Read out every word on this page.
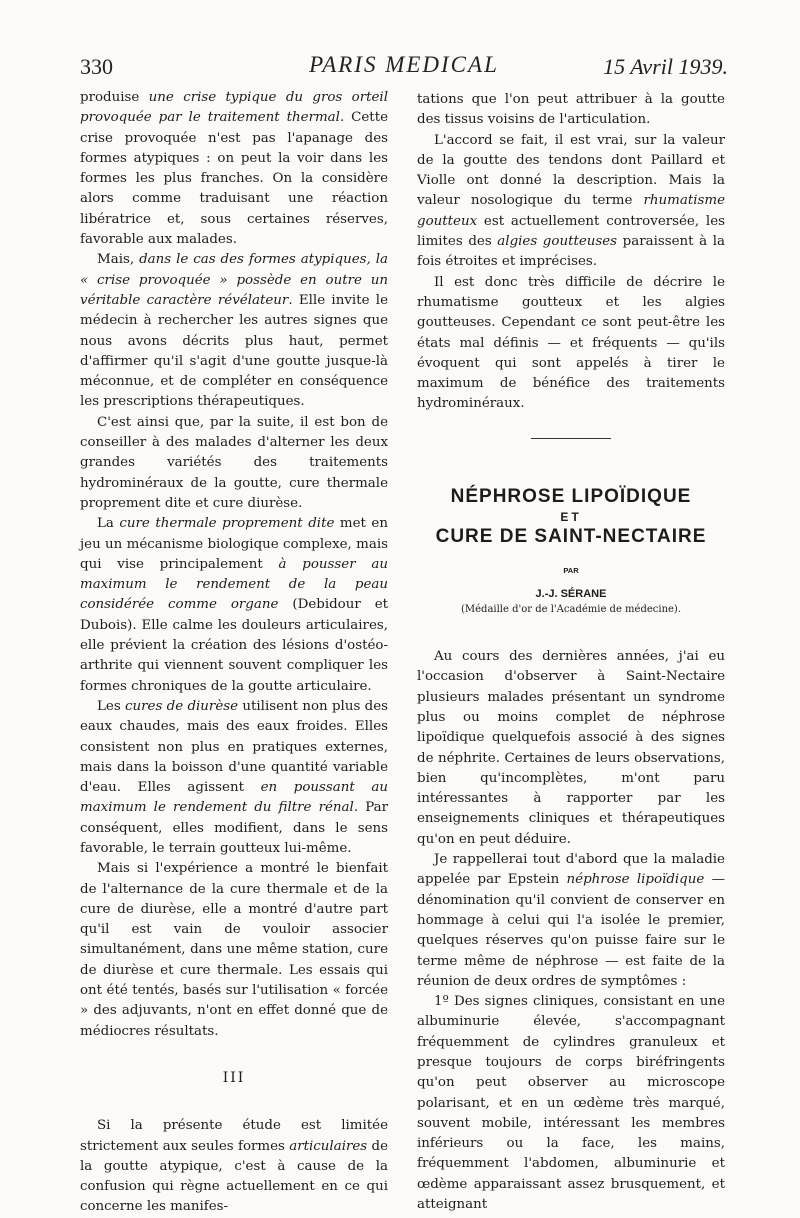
330	PARIS MEDICAL	15 Avril 1939.

produise une crise typique du gros orteil provoquée par le traitement thermal. Cette crise provoquée n'est pas l'apanage des formes atypiques : on peut la voir dans les formes les plus franches. On la considère alors comme traduisant une réaction libératrice et, sous certaines réserves, favorable aux malades.

Mais, dans le cas des formes atypiques, la « crise provoquée » possède en outre un véritable caractère révélateur. Elle invite le médecin à rechercher les autres signes que nous avons décrits plus haut, permet d'affirmer qu'il s'agit d'une goutte jusque-là méconnue, et de compléter en conséquence les prescriptions thérapeutiques.

C'est ainsi que, par la suite, il est bon de conseiller à des malades d'alterner les deux grandes variétés des traitements hydrominéraux de la goutte, cure thermale proprement dite et cure diurèse.

La cure thermale proprement dite met en jeu un mécanisme biologique complexe, mais qui vise principalement à pousser au maximum le rendement de la peau considérée comme organe (Debidour et Dubois). Elle calme les douleurs articulaires, elle prévient la création des lésions d'ostéo-arthrite qui viennent souvent compliquer les formes chroniques de la goutte articulaire.

Les cures de diurèse utilisent non plus des eaux chaudes, mais des eaux froides. Elles consistent non plus en pratiques externes, mais dans la boisson d'une quantité variable d'eau. Elles agissent en poussant au maximum le rendement du filtre rénal. Par conséquent, elles modifient, dans le sens favorable, le terrain goutteux lui-même.

Mais si l'expérience a montré le bienfait de l'alternance de la cure thermale et de la cure de diurèse, elle a montré d'autre part qu'il est vain de vouloir associer simultanément, dans une même station, cure de diurèse et cure thermale. Les essais qui ont été tentés, basés sur l'utilisation « forcée » des adjuvants, n'ont en effet donné que de médiocres résultats.

III

Si la présente étude est limitée strictement aux seules formes articulaires de la goutte atypique, c'est à cause de la confusion qui règne actuellement en ce qui concerne les manifes-

tations que l'on peut attribuer à la goutte des tissus voisins de l'articulation.

L'accord se fait, il est vrai, sur la valeur de la goutte des tendons dont Paillard et Violle ont donné la description. Mais la valeur nosologique du terme rhumatisme goutteux est actuellement controversée, les limites des algies goutteuses paraissent à la fois étroites et imprécises.

Il est donc très difficile de décrire le rhumatisme goutteux et les algies goutteuses. Cependant ce sont peut-être les états mal définis — et fréquents — qu'ils évoquent qui sont appelés à tirer le maximum de bénéfice des traitements hydrominéraux.

NÉPHROSE LIPOÏDIQUE
ET
CURE DE SAINT-NECTAIRE
PAR
J.-J. SÉRANE
(Médaille d'or de l'Académie de médecine).

Au cours des dernières années, j'ai eu l'occasion d'observer à Saint-Nectaire plusieurs malades présentant un syndrome plus ou moins complet de néphrose lipoïdique quelquefois associé à des signes de néphrite. Certaines de leurs observations, bien qu'incomplètes, m'ont paru intéressantes à rapporter par les enseignements cliniques et thérapeutiques qu'on en peut déduire.

Je rappellerai tout d'abord que la maladie appelée par Epstein néphrose lipoïdique — dénomination qu'il convient de conserver en hommage à celui qui l'a isolée le premier, quelques réserves qu'on puisse faire sur le terme même de néphrose — est faite de la réunion de deux ordres de symptômes :

1º Des signes cliniques, consistant en une albuminurie élevée, s'accompagnant fréquemment de cylindres granuleux et presque toujours de corps biréfringents qu'on peut observer au microscope polarisant, et en un œdème très marqué, souvent mobile, intéressant les membres inférieurs ou la face, les mains, fréquemment l'abdomen, albuminurie et œdème apparaissant assez brusquement, et atteignant
